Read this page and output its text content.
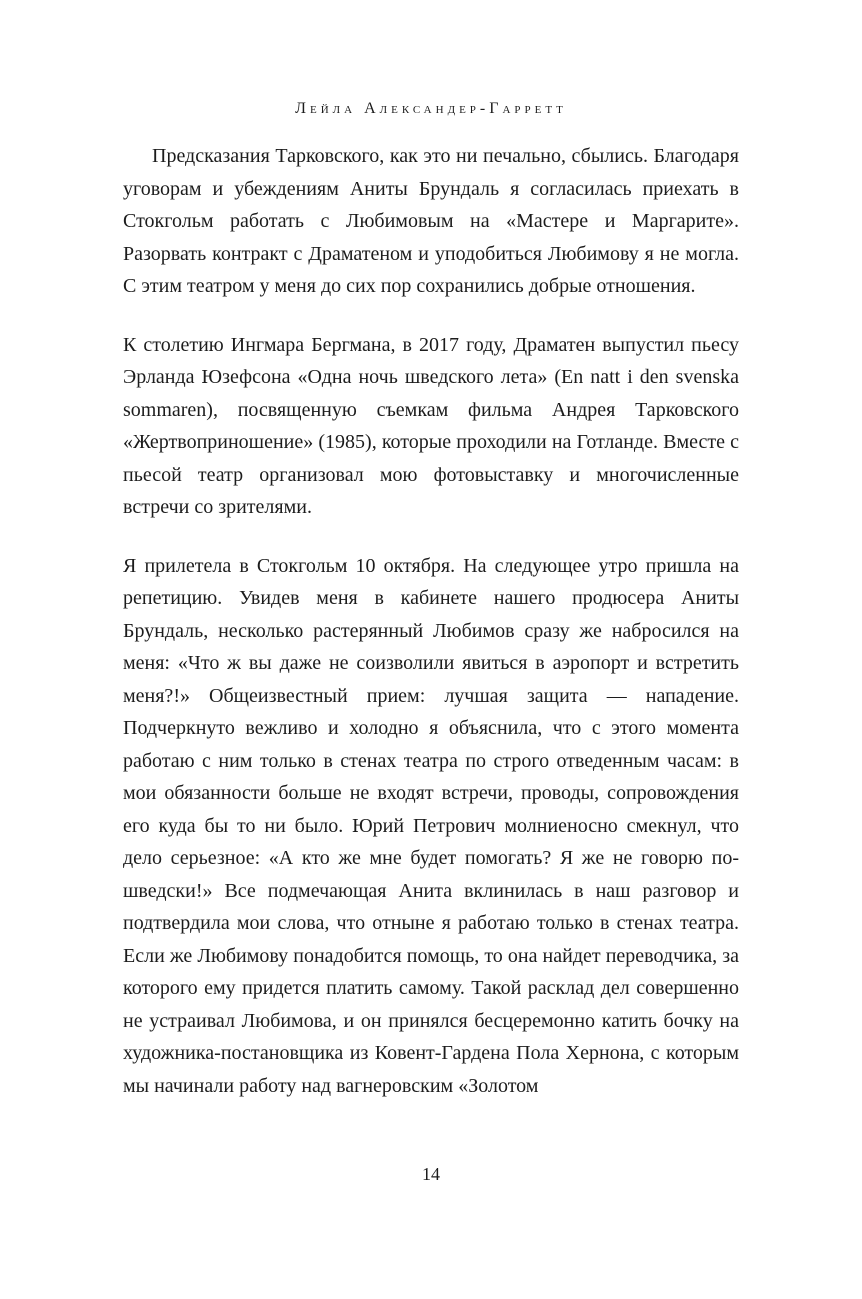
Лейла Александер-Гарретт

Предсказания Тарковского, как это ни печально, сбылись. Благодаря уговорам и убеждениям Аниты Брундаль я согласилась приехать в Стокгольм работать с Любимовым на «Мастере и Маргарите». Разорвать контракт с Драматеном и уподобиться Любимову я не могла. С этим театром у меня до сих пор сохранились добрые отношения.

К столетию Ингмара Бергмана, в 2017 году, Драматен выпустил пьесу Эрланда Юзефсона «Одна ночь шведского лета» (En natt i den svenska sommaren), посвященную съемкам фильма Андрея Тарковского «Жертвоприношение» (1985), которые проходили на Готланде. Вместе с пьесой театр организовал мою фотовыставку и многочисленные встречи со зрителями.

Я прилетела в Стокгольм 10 октября. На следующее утро пришла на репетицию. Увидев меня в кабинете нашего продюсера Аниты Брундаль, несколько растерянный Любимов сразу же набросился на меня: «Что ж вы даже не соизволили явиться в аэропорт и встретить меня?!» Общеизвестный прием: лучшая защита — нападение. Подчеркнуто вежливо и холодно я объяснила, что с этого момента работаю с ним только в стенах театра по строго отведенным часам: в мои обязанности больше не входят встречи, проводы, сопровождения его куда бы то ни было. Юрий Петрович молниеносно смекнул, что дело серьезное: «А кто же мне будет помогать? Я же не говорю по-шведски!» Все подмечающая Анита вклинилась в наш разговор и подтвердила мои слова, что отныне я работаю только в стенах театра. Если же Любимову понадобится помощь, то она найдет переводчика, за которого ему придется платить самому. Такой расклад дел совершенно не устраивал Любимова, и он принялся бесцеремонно катить бочку на художника-постановщика из Ковент-Гардена Пола Хернона, с которым мы начинали работу над вагнеровским «Золотом

14
